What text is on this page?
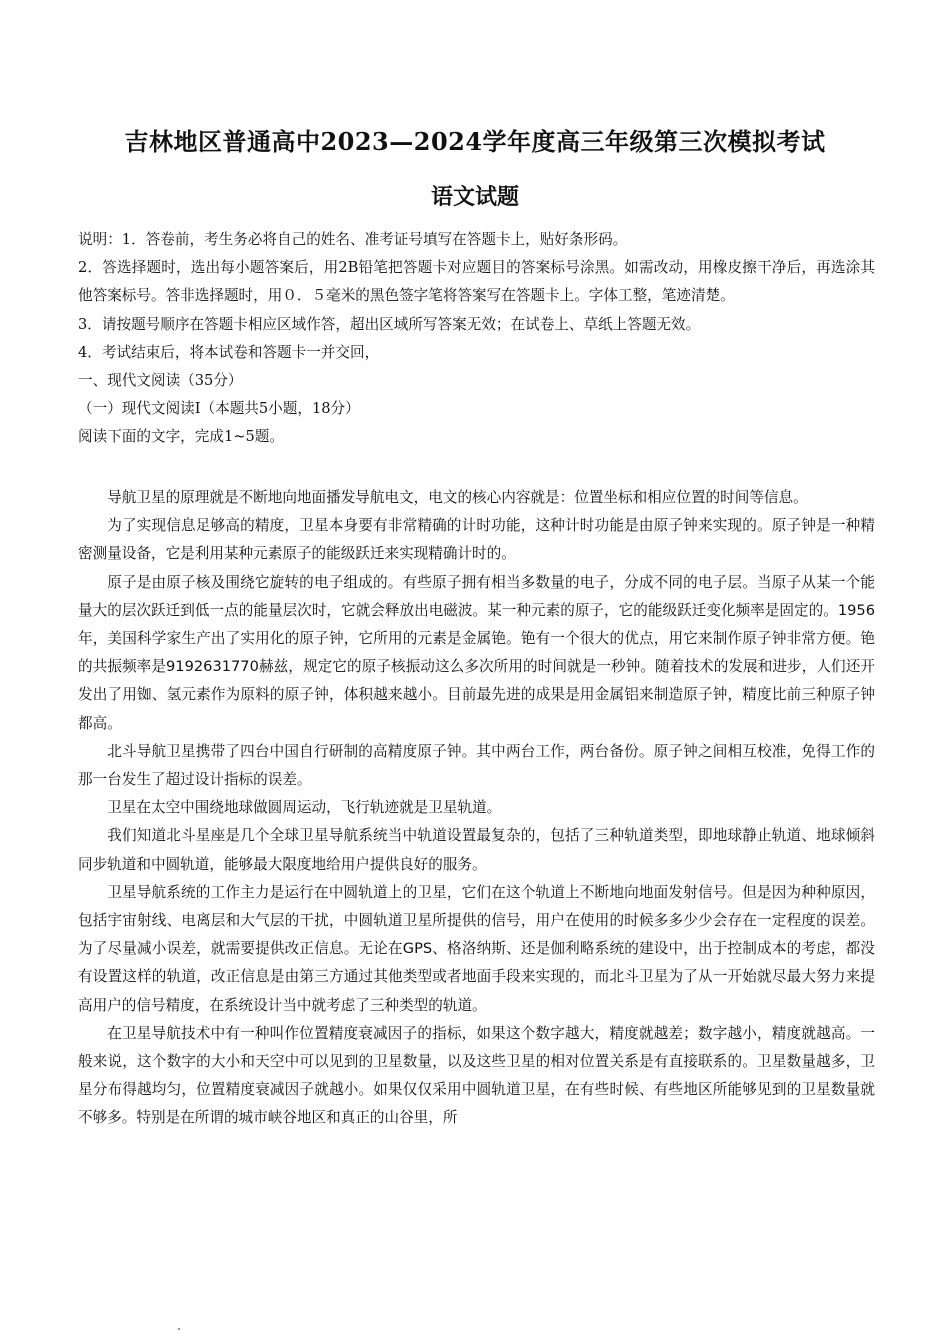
吉林地区普通高中2023—2024学年度高三年级第三次模拟考试
语文试题

说明：1．答卷前，考生务必将自己的姓名、准考证号填写在答题卡上，贴好条形码。

2．答选择题时，选出每小题答案后，用2B铅笔把答题卡对应题目的答案标号涂黑。如需改动，用橡皮擦干净后，再选涂其他答案标号。答非选择题时，用０．５毫米的黑色签字笔将答案写在答题卡上。字体工整，笔迹清楚。

3．请按题号顺序在答题卡相应区域作答，超出区域所写答案无效；在试卷上、草纸上答题无效。

4．考试结束后，将本试卷和答题卡一并交回，

一、现代文阅读（35分）

（一）现代文阅读Ⅰ（本题共5小题，18分）

阅读下面的文字，完成1~5题。

导航卫星的原理就是不断地向地面播发导航电文，电文的核心内容就是：位置坐标和相应位置的时间等信息。

为了实现信息足够高的精度，卫星本身要有非常精确的计时功能，这种计时功能是由原子钟来实现的。原子钟是一种精密测量设备，它是利用某种元素原子的能级跃迁来实现精确计时的。

原子是由原子核及围绕它旋转的电子组成的。有些原子拥有相当多数量的电子，分成不同的电子层。当原子从某一个能量大的层次跃迁到低一点的能量层次时，它就会释放出电磁波。某一种元素的原子，它的能级跃迁变化频率是固定的。1956年，美国科学家生产出了实用化的原子钟，它所用的元素是金属铯。铯有一个很大的优点，用它来制作原子钟非常方便。铯的共振频率是9192631770赫兹，规定它的原子核振动这么多次所用的时间就是一秒钟。随着技术的发展和进步，人们还开发出了用铷、氢元素作为原料的原子钟，体积越来越小。目前最先进的成果是用金属铝来制造原子钟，精度比前三种原子钟都高。

北斗导航卫星携带了四台中国自行研制的高精度原子钟。其中两台工作，两台备份。原子钟之间相互校准，免得工作的那一台发生了超过设计指标的误差。

卫星在太空中围绕地球做圆周运动，飞行轨迹就是卫星轨道。

我们知道北斗星座是几个全球卫星导航系统当中轨道设置最复杂的，包括了三种轨道类型，即地球静止轨道、地球倾斜同步轨道和中圆轨道，能够最大限度地给用户提供良好的服务。

卫星导航系统的工作主力是运行在中圆轨道上的卫星，它们在这个轨道上不断地向地面发射信号。但是因为种种原因，包括宇宙射线、电离层和大气层的干扰，中圆轨道卫星所提供的信号，用户在使用的时候多多少少会存在一定程度的误差。为了尽量减小误差，就需要提供改正信息。无论在GPS、格洛纳斯、还是伽利略系统的建设中，出于控制成本的考虑，都没有设置这样的轨道，改正信息是由第三方通过其他类型或者地面手段来实现的，而北斗卫星为了从一开始就尽最大努力来提高用户的信号精度，在系统设计当中就考虑了三种类型的轨道。

在卫星导航技术中有一种叫作位置精度衰减因子的指标，如果这个数字越大，精度就越差；数字越小，精度就越高。一般来说，这个数字的大小和天空中可以见到的卫星数量，以及这些卫星的相对位置关系是有直接联系的。卫星数量越多，卫星分布得越均匀，位置精度衰减因子就越小。如果仅仅采用中圆轨道卫星，在有些时候、有些地区所能够见到的卫星数量就不够多。特别是在所谓的城市峡谷地区和真正的山谷里，所
